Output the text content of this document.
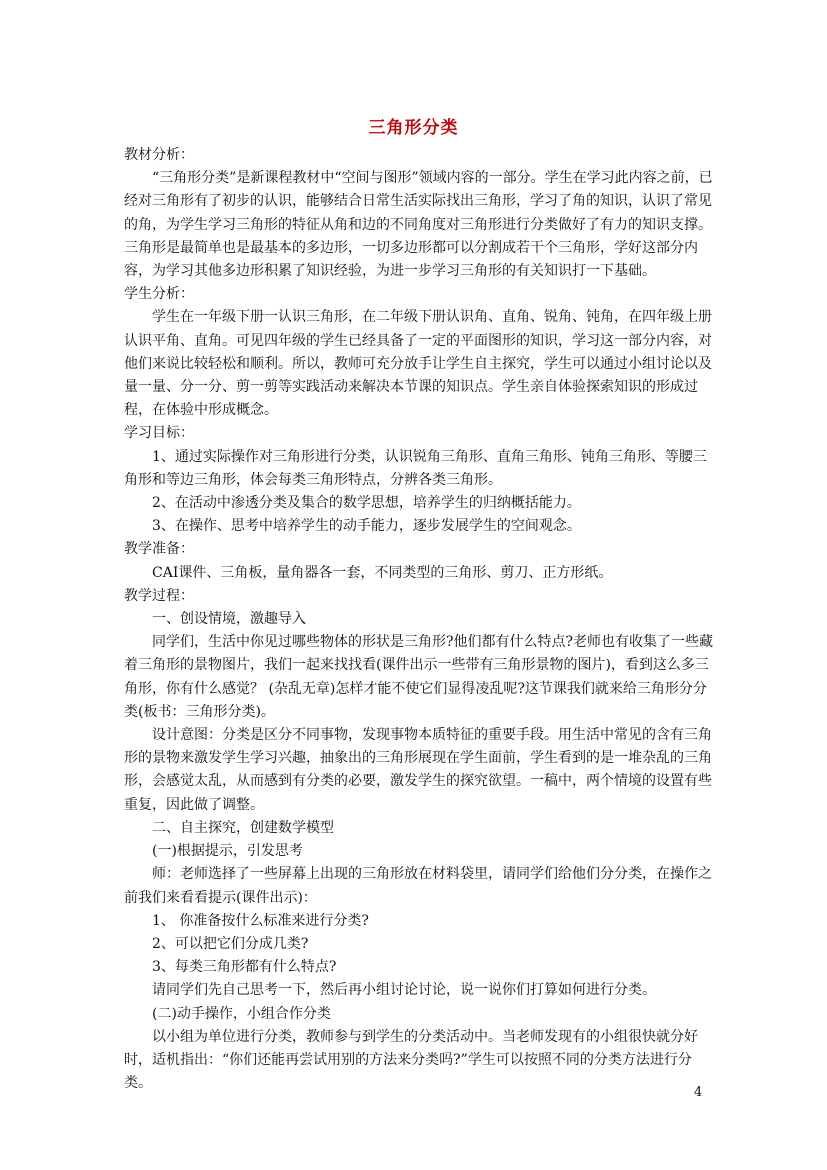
三角形分类

教材分析：

“三角形分类”是新课程教材中“空间与图形”领域内容的一部分。学生在学习此内容之前，已经对三角形有了初步的认识，能够结合日常生活实际找出三角形，学习了角的知识，认识了常见的角，为学生学习三角形的特征从角和边的不同角度对三角形进行分类做好了有力的知识支撑。三角形是最简单也是最基本的多边形，一切多边形都可以分割成若干个三角形，学好这部分内容，为学习其他多边形积累了知识经验，为进一步学习三角形的有关知识打一下基础。

学生分析：

学生在一年级下册一认识三角形，在二年级下册认识角、直角、锐角、钝角，在四年级上册认识平角、直角。可见四年级的学生已经具备了一定的平面图形的知识，学习这一部分内容，对他们来说比较轻松和顺利。所以，教师可充分放手让学生自主探究，学生可以通过小组讨论以及量一量、分一分、剪一剪等实践活动来解决本节课的知识点。学生亲自体验探索知识的形成过程，在体验中形成概念。

学习目标：

1、通过实际操作对三角形进行分类，认识锐角三角形、直角三角形、钝角三角形、等腰三角形和等边三角形，体会每类三角形特点，分辨各类三角形。

2、在活动中渗透分类及集合的数学思想，培养学生的归纳概括能力。

3、在操作、思考中培养学生的动手能力，逐步发展学生的空间观念。

教学准备：

CAI课件、三角板，量角器各一套，不同类型的三角形、剪刀、正方形纸。

教学过程：

一、创设情境，激趣导入

同学们，生活中你见过哪些物体的形状是三角形?他们都有什么特点?老师也有收集了一些藏着三角形的景物图片，我们一起来找找看(课件出示一些带有三角形景物的图片)，看到这么多三角形，你有什么感觉？ (杂乱无章)怎样才能不使它们显得凌乱呢?这节课我们就来给三角形分分类(板书：三角形分类)。

设计意图：分类是区分不同事物，发现事物本质特征的重要手段。用生活中常见的含有三角形的景物来激发学生学习兴趣，抽象出的三角形展现在学生面前，学生看到的是一堆杂乱的三角形，会感觉太乱，从而感到有分类的必要，激发学生的探究欲望。一稿中，两个情境的设置有些重复，因此做了调整。

二、自主探究，创建数学模型

(一)根据提示，引发思考

师：老师选择了一些屏幕上出现的三角形放在材料袋里，请同学们给他们分分类，在操作之前我们来看看提示(课件出示)：

1、 你准备按什么标准来进行分类?

2、可以把它们分成几类?

3、每类三角形都有什么特点?

请同学们先自己思考一下，然后再小组讨论讨论，说一说你们打算如何进行分类。

(二)动手操作，小组合作分类

以小组为单位进行分类，教师参与到学生的分类活动中。当老师发现有的小组很快就分好时，适机指出：“你们还能再尝试用别的方法来分类吗?”学生可以按照不同的分类方法进行分类。

4
